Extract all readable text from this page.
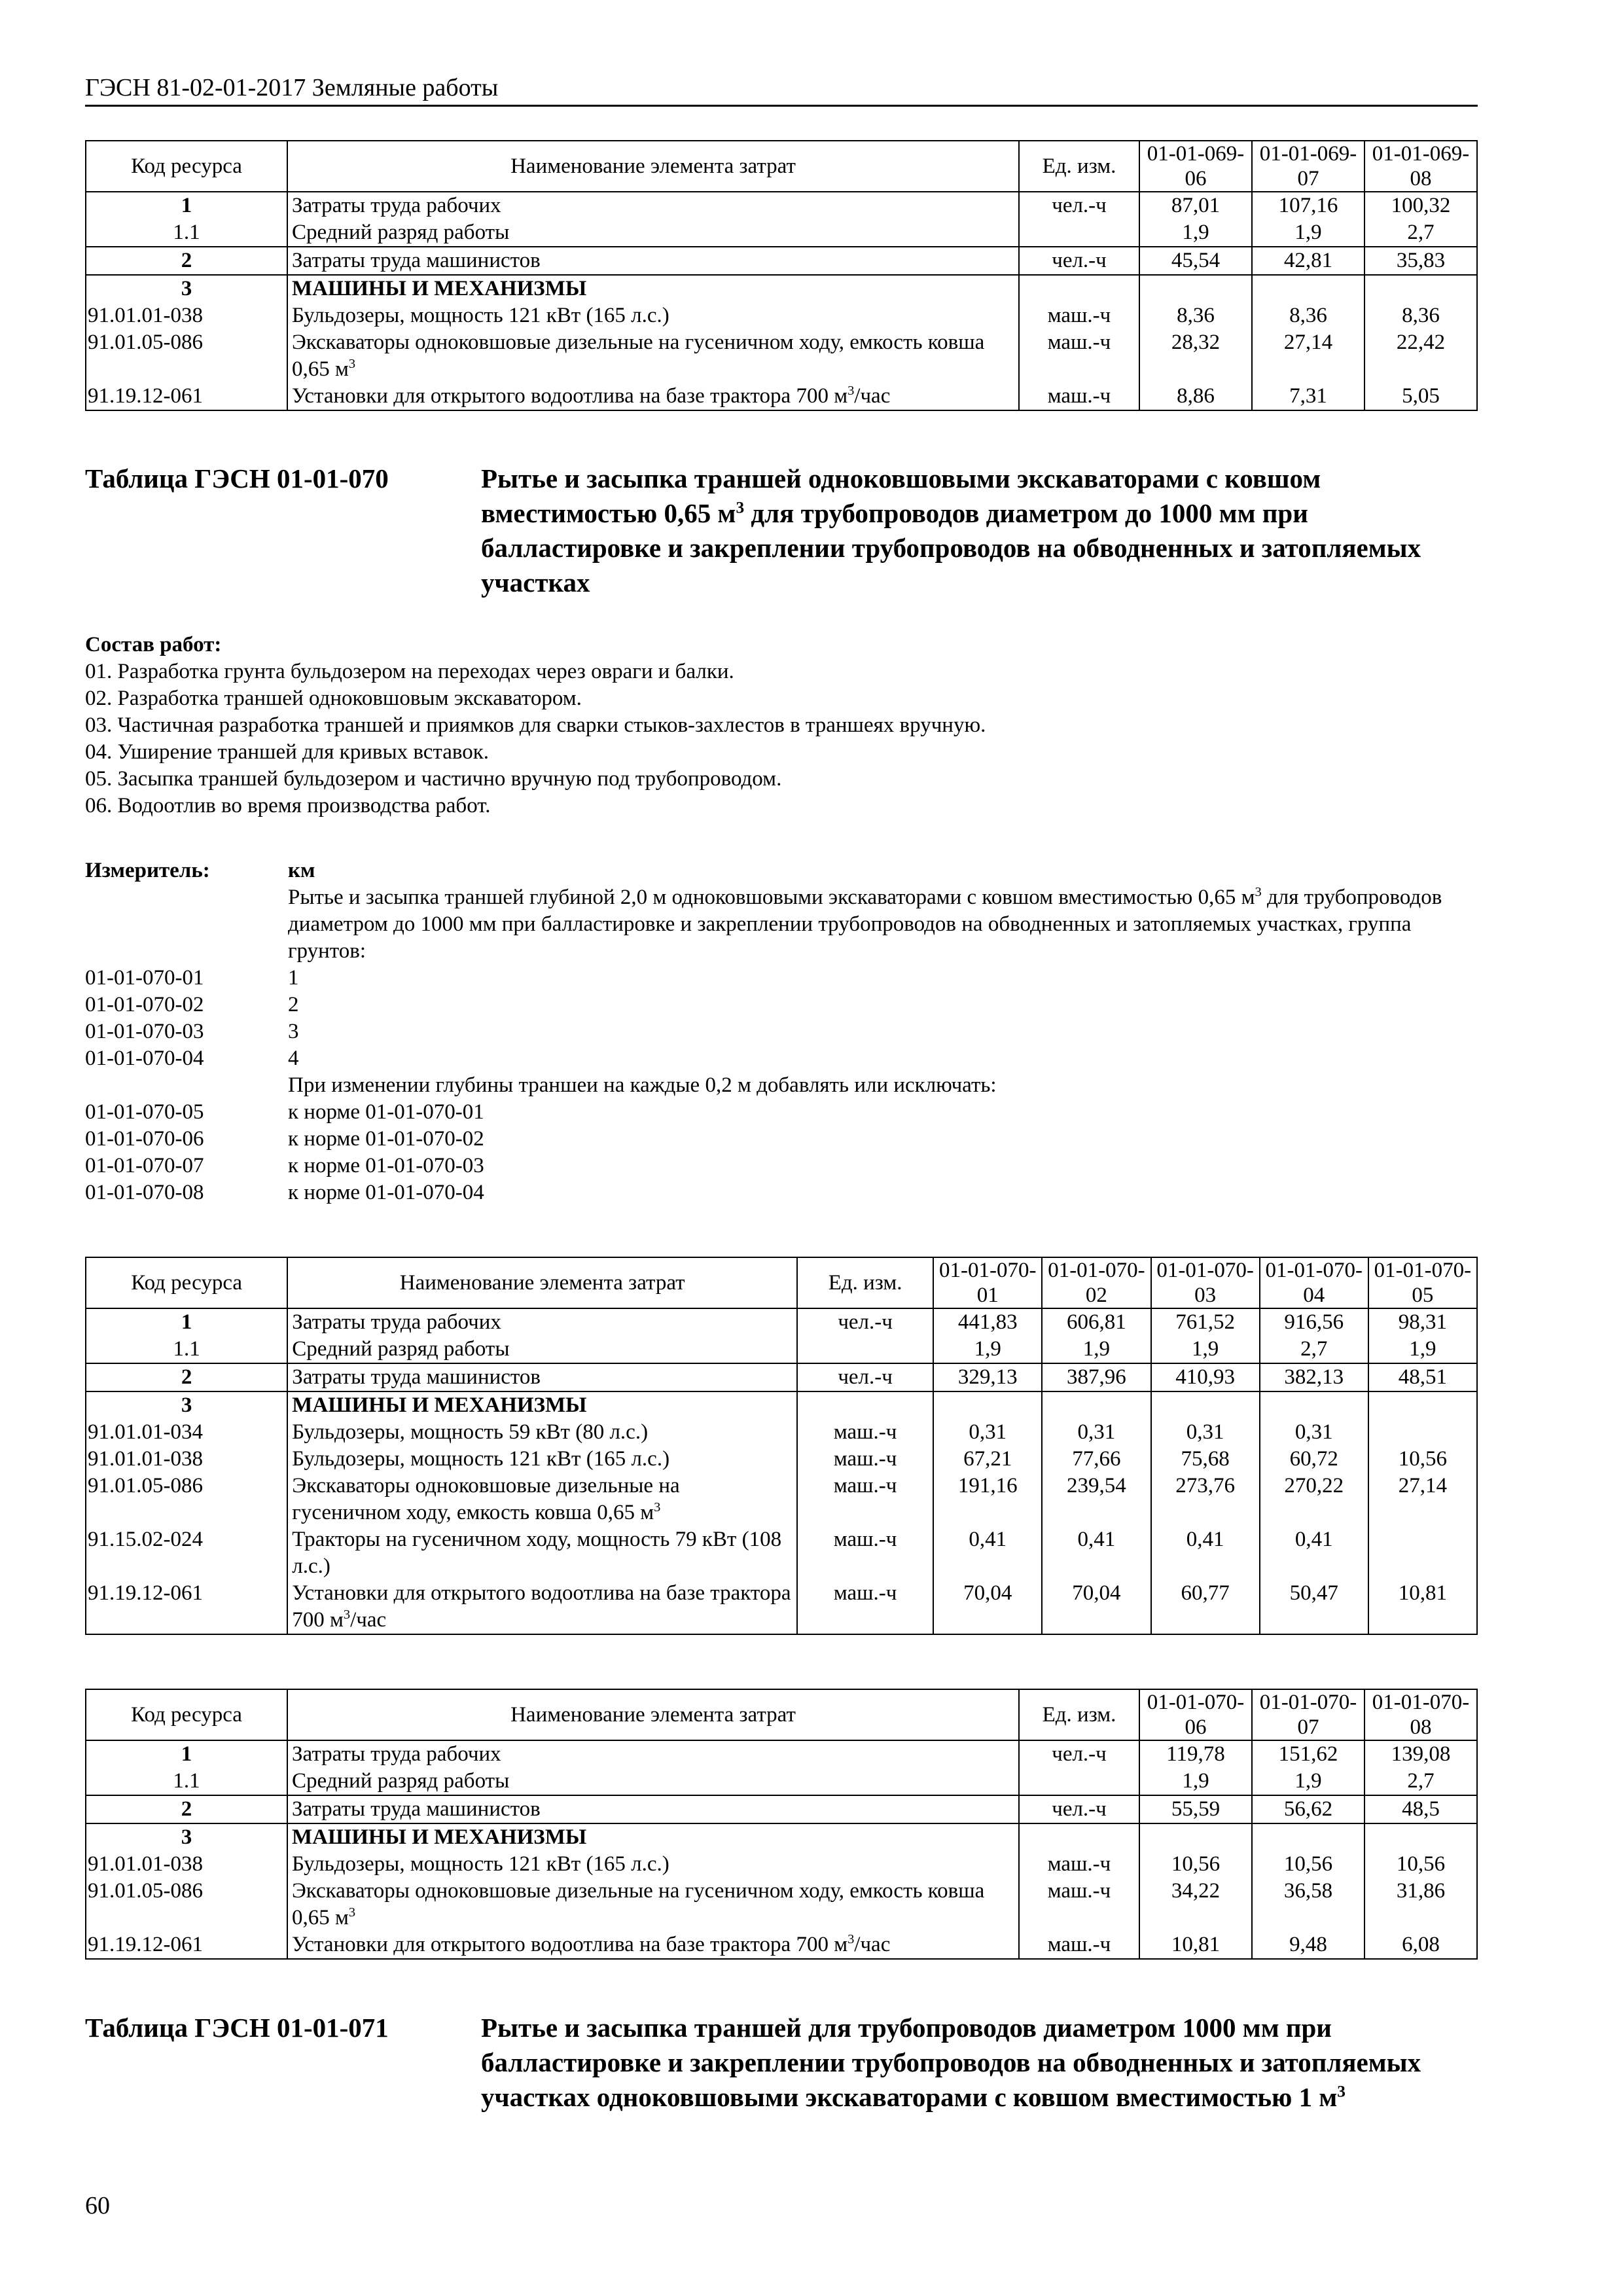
ГЭСН 81-02-01-2017 Земляные работы
Код ресурса	Наименование элемента затрат	Ед. изм.	01-01-069-06	01-01-069-07	01-01-069-08
1	Затраты труда рабочих	чел.-ч	87,01	107,16	100,32
1.1	Средний разряд работы		1,9	1,9	2,7
2	Затраты труда машинистов	чел.-ч	45,54	42,81	35,83
3	МАШИНЫ И МЕХАНИЗМЫ				
91.01.01-038	Бульдозеры, мощность 121 кВт (165 л.с.)	маш.-ч	8,36	8,36	8,36
91.01.05-086	Экскаваторы одноковшовые дизельные на гусеничном ходу, емкость ковша 0,65 $м^3$	маш.-ч	28,32	27,14	22,42
91.19.12-061	Установки для открытого водоотлива на базе трактора 700 $м^3$/час	маш.-ч	8,86	7,31	5,05
Таблица ГЭСН 01-01-070	Рытье и засыпка траншей одноковшовыми экскаваторами с ковшом вместимостью 0,65 $м^3$ для трубопроводов диаметром до 1000 мм при балластировке и закреплении трубопроводов на обводненных и затопляемых участках
Состав работ:
01. Разработка грунта бульдозером на переходах через овраги и балки.
02. Разработка траншей одноковшовым экскаватором.
03. Частичная разработка траншей и приямков для сварки стыков-захлестов в траншеях вручную.
04. Уширение траншей для кривых вставок.
05. Засыпка траншей бульдозером и частично вручную под трубопроводом.
06. Водоотлив во время производства работ.
Измеритель:	км
Рытье и засыпка траншей глубиной 2,0 м одноковшовыми экскаваторами с ковшом вместимостью 0,65 $м^3$ для трубопроводов диаметром до 1000 мм при балластировке и закреплении трубопроводов на обводненных и затопляемых участках, группа грунтов:
01-01-070-01	1
01-01-070-02	2
01-01-070-03	3
01-01-070-04	4
При изменении глубины траншеи на каждые 0,2 м добавлять или исключать:
01-01-070-05	к норме 01-01-070-01
01-01-070-06	к норме 01-01-070-02
01-01-070-07	к норме 01-01-070-03
01-01-070-08	к норме 01-01-070-04
Код ресурса	Наименование элемента затрат	Ед. изм.	01-01-070-01	01-01-070-02	01-01-070-03	01-01-070-04	01-01-070-05
1	Затраты труда рабочих	чел.-ч	441,83	606,81	761,52	916,56	98,31
1.1	Средний разряд работы		1,9	1,9	1,9	2,7	1,9
2	Затраты труда машинистов	чел.-ч	329,13	387,96	410,93	382,13	48,51
3	МАШИНЫ И МЕХАНИЗМЫ						
91.01.01-034	Бульдозеры, мощность 59 кВт (80 л.с.)	маш.-ч	0,31	0,31	0,31	0,31	
91.01.01-038	Бульдозеры, мощность 121 кВт (165 л.с.)	маш.-ч	67,21	77,66	75,68	60,72	10,56
91.01.05-086	Экскаваторы одноковшовые дизельные на гусеничном ходу, емкость ковша 0,65 $м^3$	маш.-ч	191,16	239,54	273,76	270,22	27,14
91.15.02-024	Тракторы на гусеничном ходу, мощность 79 кВт (108 л.с.)	маш.-ч	0,41	0,41	0,41	0,41	
91.19.12-061	Установки для открытого водоотлива на базе трактора 700 $м^3$/час	маш.-ч	70,04	70,04	60,77	50,47	10,81
Код ресурса	Наименование элемента затрат	Ед. изм.	01-01-070-06	01-01-070-07	01-01-070-08
1	Затраты труда рабочих	чел.-ч	119,78	151,62	139,08
1.1	Средний разряд работы		1,9	1,9	2,7
2	Затраты труда машинистов	чел.-ч	55,59	56,62	48,5
3	МАШИНЫ И МЕХАНИЗМЫ				
91.01.01-038	Бульдозеры, мощность 121 кВт (165 л.с.)	маш.-ч	10,56	10,56	10,56
91.01.05-086	Экскаваторы одноковшовые дизельные на гусеничном ходу, емкость ковша 0,65 $м^3$	маш.-ч	34,22	36,58	31,86
91.19.12-061	Установки для открытого водоотлива на базе трактора 700 $м^3$/час	маш.-ч	10,81	9,48	6,08
Таблица ГЭСН 01-01-071	Рытье и засыпка траншей для трубопроводов диаметром 1000 мм при балластировке и закреплении трубопроводов на обводненных и затопляемых участках одноковшовыми экскаваторами с ковшом вместимостью 1 $м^3$
60
